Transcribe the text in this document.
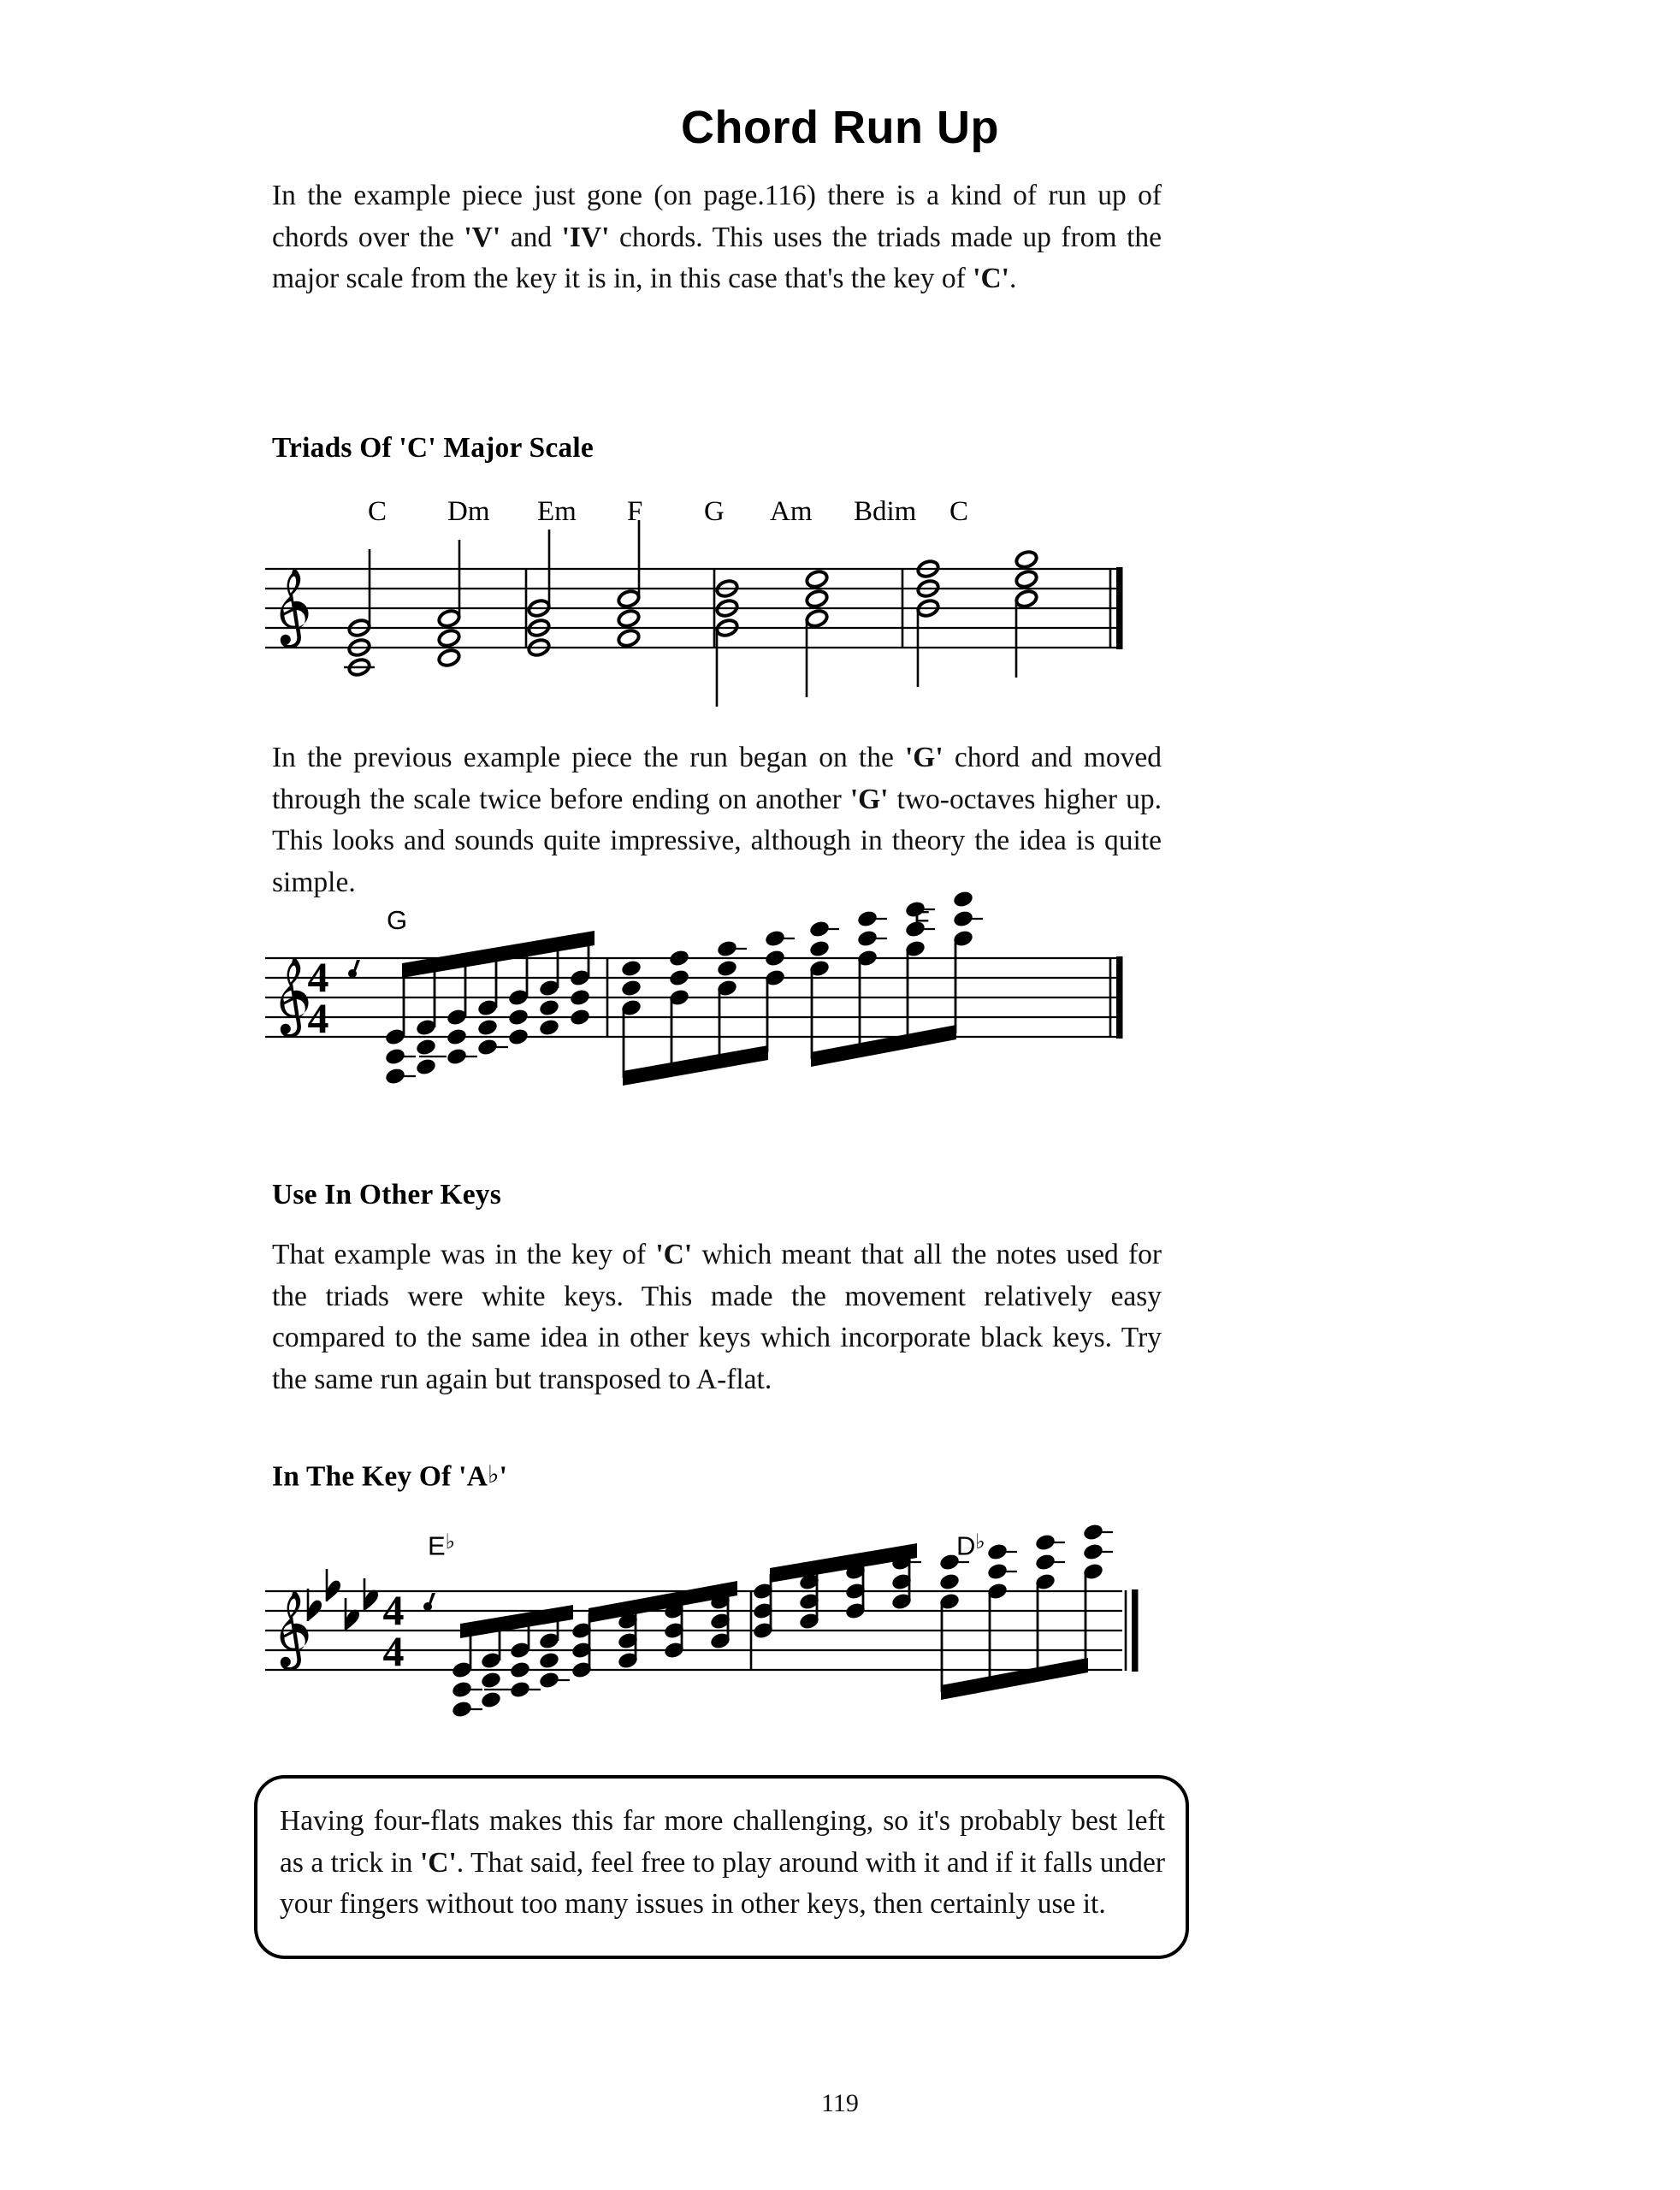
Chord Run Up
In the example piece just gone (on page.116) there is a kind of run up of chords over the 'V' and 'IV' chords. This uses the triads made up from the major scale from the key it is in, in this case that's the key of 'C'.
Triads Of 'C' Major Scale
C Dm Em F G Am Bdim C
In the previous example piece the run began on the 'G' chord and moved through the scale twice before ending on another 'G' two-octaves higher up. This looks and sounds quite impressive, although in theory the idea is quite simple.
G	F
4
4
Use In Other Keys
That example was in the key of 'C' which meant that all the notes used for the triads were white keys. This made the movement relatively easy compared to the same idea in other keys which incorporate black keys. Try the same run again but transposed to A-flat.
In The Key Of 'A♭'
E♭	D♭
4
4
Having four-flats makes this far more challenging, so it's probably best left as a trick in 'C'. That said, feel free to play around with it and if it falls under your fingers without too many issues in other keys, then certainly use it.
119
